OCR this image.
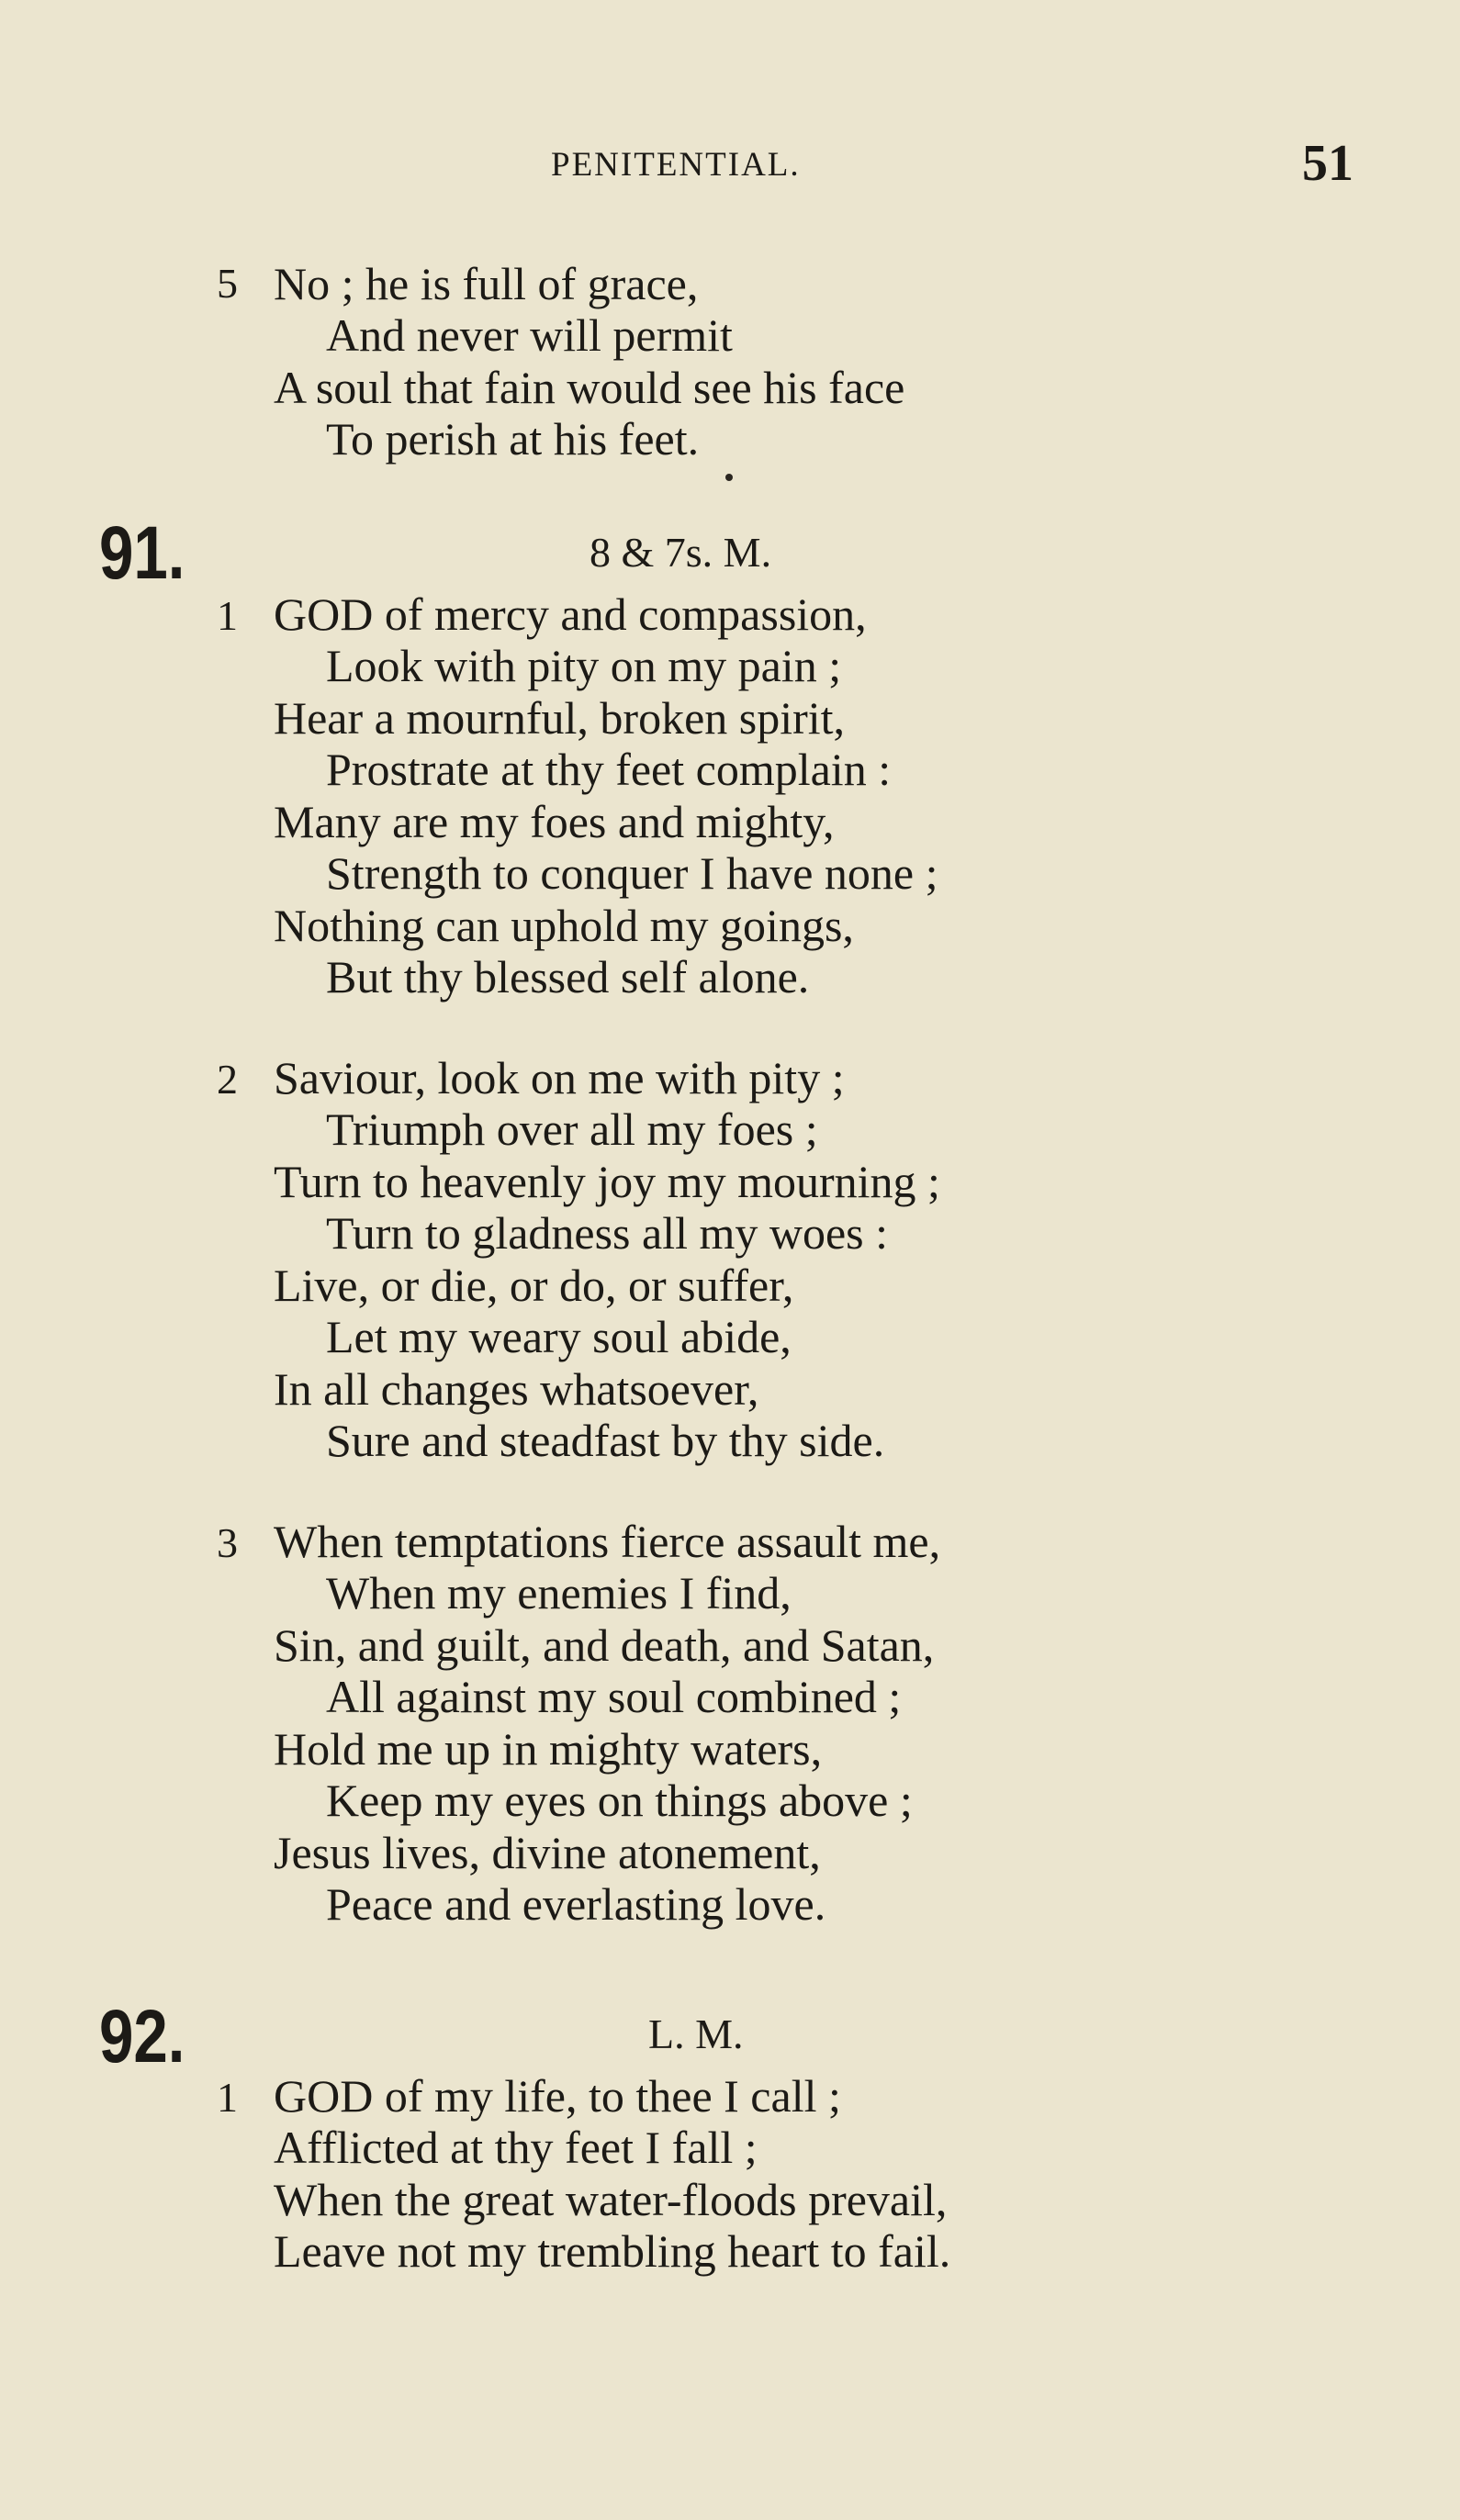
PENITENTIAL.	51
5 No ; he is full of grace,
And never will permit
A soul that fain would see his face
To perish at his feet.
91.	8 & 7s. M.
1 GOD of mercy and compassion,
Look with pity on my pain ;
Hear a mournful, broken spirit,
Prostrate at thy feet complain :
Many are my foes and mighty,
Strength to conquer I have none ;
Nothing can uphold my goings,
But thy blessed self alone.
2 Saviour, look on me with pity ;
Triumph over all my foes ;
Turn to heavenly joy my mourning ;
Turn to gladness all my woes :
Live, or die, or do, or suffer,
Let my weary soul abide,
In all changes whatsoever,
Sure and steadfast by thy side.
3 When temptations fierce assault me,
When my enemies I find,
Sin, and guilt, and death, and Satan,
All against my soul combined ;
Hold me up in mighty waters,
Keep my eyes on things above ;
Jesus lives, divine atonement,
Peace and everlasting love.
92.	L. M.
1 GOD of my life, to thee I call ;
Afflicted at thy feet I fall ;
When the great water-floods prevail,
Leave not my trembling heart to fail.
